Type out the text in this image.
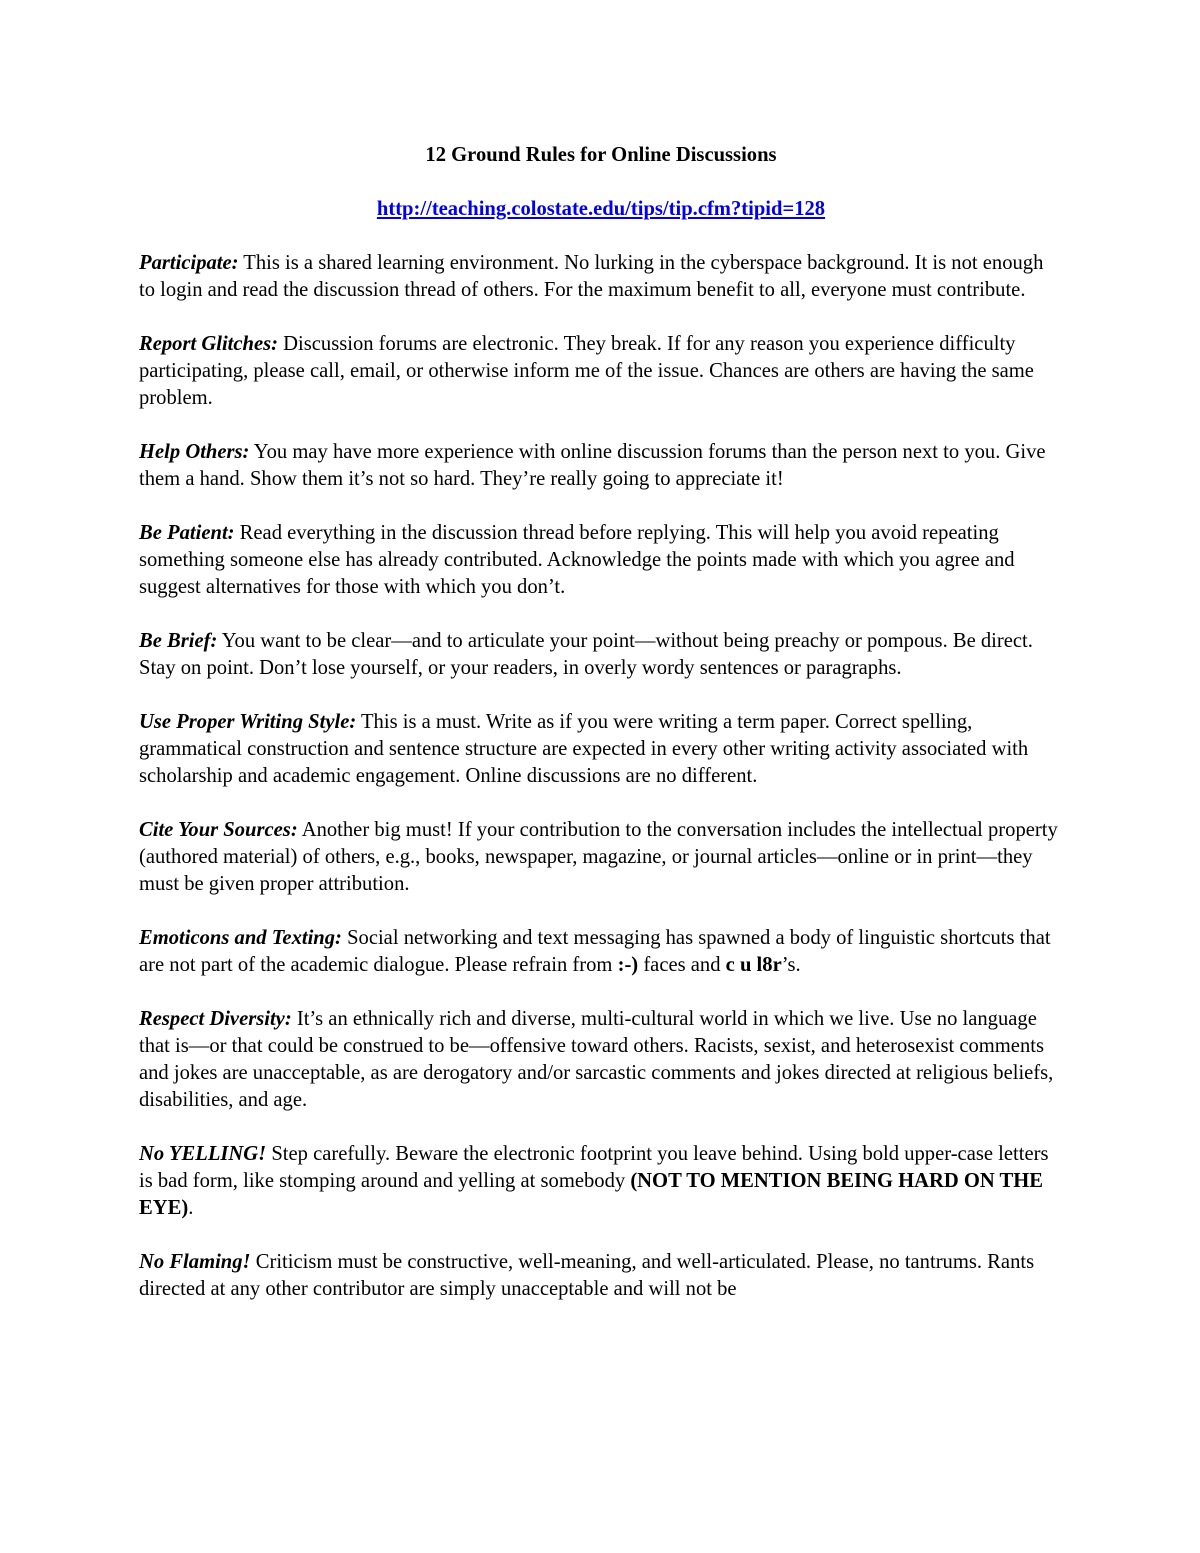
12 Ground Rules for Online Discussions

http://teaching.colostate.edu/tips/tip.cfm?tipid=128

Participate: This is a shared learning environment. No lurking in the cyberspace background. It is not enough to login and read the discussion thread of others. For the maximum benefit to all, everyone must contribute.

Report Glitches: Discussion forums are electronic. They break. If for any reason you experience difficulty participating, please call, email, or otherwise inform me of the issue. Chances are others are having the same problem.

Help Others: You may have more experience with online discussion forums than the person next to you. Give them a hand. Show them it’s not so hard. They’re really going to appreciate it!

Be Patient: Read everything in the discussion thread before replying. This will help you avoid repeating something someone else has already contributed. Acknowledge the points made with which you agree and suggest alternatives for those with which you don’t.

Be Brief: You want to be clear—and to articulate your point—without being preachy or pompous. Be direct. Stay on point. Don’t lose yourself, or your readers, in overly wordy sentences or paragraphs.

Use Proper Writing Style: This is a must. Write as if you were writing a term paper. Correct spelling, grammatical construction and sentence structure are expected in every other writing activity associated with scholarship and academic engagement. Online discussions are no different.

Cite Your Sources: Another big must! If your contribution to the conversation includes the intellectual property (authored material) of others, e.g., books, newspaper, magazine, or journal articles—online or in print—they must be given proper attribution.

Emoticons and Texting: Social networking and text messaging has spawned a body of linguistic shortcuts that are not part of the academic dialogue. Please refrain from :-) faces and c u l8r’s.

Respect Diversity: It’s an ethnically rich and diverse, multi-cultural world in which we live. Use no language that is—or that could be construed to be—offensive toward others. Racists, sexist, and heterosexist comments and jokes are unacceptable, as are derogatory and/or sarcastic comments and jokes directed at religious beliefs, disabilities, and age.

No YELLING! Step carefully. Beware the electronic footprint you leave behind. Using bold upper-case letters is bad form, like stomping around and yelling at somebody (NOT TO MENTION BEING HARD ON THE EYE).

No Flaming! Criticism must be constructive, well-meaning, and well-articulated. Please, no tantrums. Rants directed at any other contributor are simply unacceptable and will not be
